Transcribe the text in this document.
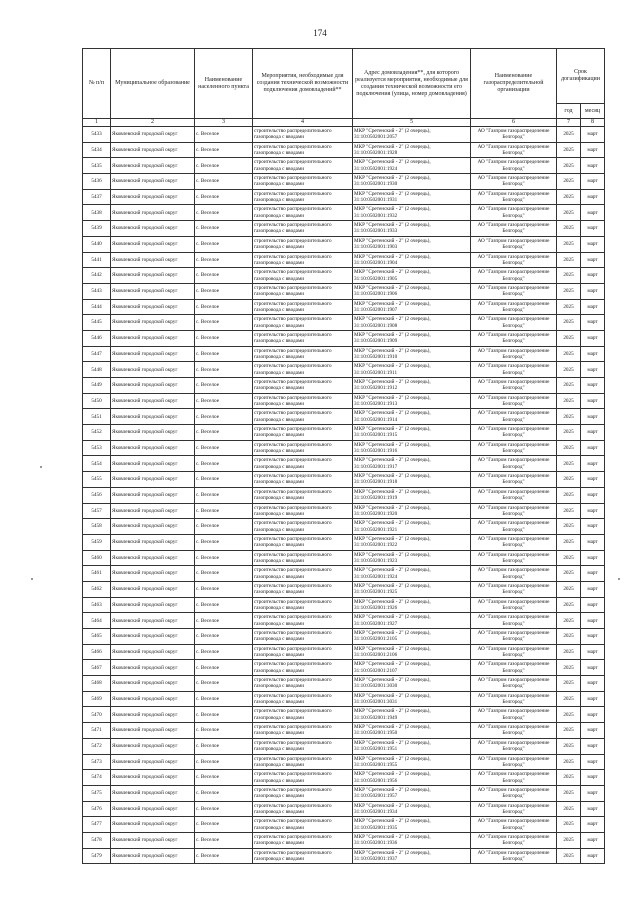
174
№ п/п	Муниципальное образование	Наименование населенного пункта	Мероприятия, необходимые для создания технической возможности подключения домовладений**	Адрес домовладения**, для которого реализуется мероприятия, необходимые для создания технической возможности его подключения (улица, номер домовладения)	Наименование газораспределительной организации	Срок догазификации	
						год	месяц
1	2	3	4	5	6	7	8
5433	Яковлевский городской округ	с. Веселое	строительство распределительного газопровода с вводами	МКР "Сретенский - 2" (2 очередь),
31:10:0502001:2057	АО "Газпром газораспределение Белгород"	2025	март
5434	Яковлевский городской округ	с. Веселое	строительство распределительного газопровода с вводами	МКР "Сретенский - 2" (2 очередь),
31:10:0502001:1928	АО "Газпром газораспределение Белгород"	2025	март
5435	Яковлевский городской округ	с. Веселое	строительство распределительного газопровода с вводами	МКР "Сретенский - 2" (2 очередь),
31:10:0502001:1924	АО "Газпром газораспределение Белгород"	2025	март
5436	Яковлевский городской округ	с. Веселое	строительство распределительного газопровода с вводами	МКР "Сретенский - 2" (2 очередь),
31:10:0502001:1930	АО "Газпром газораспределение Белгород"	2025	март
5437	Яковлевский городской округ	с. Веселое	строительство распределительного газопровода с вводами	МКР "Сретенский - 2" (2 очередь),
31:10:0502001:1931	АО "Газпром газораспределение Белгород"	2025	март
5438	Яковлевский городской округ	с. Веселое	строительство распределительного газопровода с вводами	МКР "Сретенский - 2" (2 очередь),
31:10:0502001:1932	АО "Газпром газораспределение Белгород"	2025	март
5439	Яковлевский городской округ	с. Веселое	строительство распределительного газопровода с вводами	МКР "Сретенский - 2" (2 очередь),
31:10:0502001:1933	АО "Газпром газораспределение Белгород"	2025	март
5440	Яковлевский городской округ	с. Веселое	строительство распределительного газопровода с вводами	МКР "Сретенский - 2" (2 очередь),
31:10:0502001:1903	АО "Газпром газораспределение Белгород"	2025	март
5441	Яковлевский городской округ	с. Веселое	строительство распределительного газопровода с вводами	МКР "Сретенский - 2" (2 очередь),
31:10:0502001:1904	АО "Газпром газораспределение Белгород"	2025	март
5442	Яковлевский городской округ	с. Веселое	строительство распределительного газопровода с вводами	МКР "Сретенский - 2" (2 очередь),
31:10:0502001:1905	АО "Газпром газораспределение Белгород"	2025	март
5443	Яковлевский городской округ	с. Веселое	строительство распределительного газопровода с вводами	МКР "Сретенский - 2" (2 очередь),
31:10:0502001:1906	АО "Газпром газораспределение Белгород"	2025	март
5444	Яковлевский городской округ	с. Веселое	строительство распределительного газопровода с вводами	МКР "Сретенский - 2" (2 очередь),
31:10:0502001:1907	АО "Газпром газораспределение Белгород"	2025	март
5445	Яковлевский городской округ	с. Веселое	строительство распределительного газопровода с вводами	МКР "Сретенский - 2" (2 очередь),
31:10:0502001:1908	АО "Газпром газораспределение Белгород"	2025	март
5446	Яковлевский городской округ	с. Веселое	строительство распределительного газопровода с вводами	МКР "Сретенский - 2" (2 очередь),
31:10:0502001:1909	АО "Газпром газораспределение Белгород"	2025	март
5447	Яковлевский городской округ	с. Веселое	строительство распределительного газопровода с вводами	МКР "Сретенский - 2" (2 очередь),
31:10:0502001:1910	АО "Газпром газораспределение Белгород"	2025	март
5448	Яковлевский городской округ	с. Веселое	строительство распределительного газопровода с вводами	МКР "Сретенский - 2" (2 очередь),
31:10:0502001:1911	АО "Газпром газораспределение Белгород"	2025	март
5449	Яковлевский городской округ	с. Веселое	строительство распределительного газопровода с вводами	МКР "Сретенский - 2" (2 очередь),
31:10:0502001:1912	АО "Газпром газораспределение Белгород"	2025	март
5450	Яковлевский городской округ	с. Веселое	строительство распределительного газопровода с вводами	МКР "Сретенский - 2" (2 очередь),
31:10:0502001:1913	АО "Газпром газораспределение Белгород"	2025	март
5451	Яковлевский городской округ	с. Веселое	строительство распределительного газопровода с вводами	МКР "Сретенский - 2" (2 очередь),
31:10:0502001:1914	АО "Газпром газораспределение Белгород"	2025	март
5452	Яковлевский городской округ	с. Веселое	строительство распределительного газопровода с вводами	МКР "Сретенский - 2" (2 очередь),
31:10:0502001:1915	АО "Газпром газораспределение Белгород"	2025	март
5453	Яковлевский городской округ	с. Веселое	строительство распределительного газопровода с вводами	МКР "Сретенский - 2" (2 очередь),
31:10:0502001:1916	АО "Газпром газораспределение Белгород"	2025	март
5454	Яковлевский городской округ	с. Веселое	строительство распределительного газопровода с вводами	МКР "Сретенский - 2" (2 очередь),
31:10:0502001:1917	АО "Газпром газораспределение Белгород"	2025	март
5455	Яковлевский городской округ	с. Веселое	строительство распределительного газопровода с вводами	МКР "Сретенский - 2" (2 очередь),
31:10:0502001:1918	АО "Газпром газораспределение Белгород"	2025	март
5456	Яковлевский городской округ	с. Веселое	строительство распределительного газопровода с вводами	МКР "Сретенский - 2" (2 очередь),
31:10:0502001:1919	АО "Газпром газораспределение Белгород"	2025	март
5457	Яковлевский городской округ	с. Веселое	строительство распределительного газопровода с вводами	МКР "Сретенский - 2" (2 очередь),
31:10:0502001:1920	АО "Газпром газораспределение Белгород"	2025	март
5458	Яковлевский городской округ	с. Веселое	строительство распределительного газопровода с вводами	МКР "Сретенский - 2" (2 очередь),
31:10:0502001:1921	АО "Газпром газораспределение Белгород"	2025	март
5459	Яковлевский городской округ	с. Веселое	строительство распределительного газопровода с вводами	МКР "Сретенский - 2" (2 очередь),
31:10:0502001:1922	АО "Газпром газораспределение Белгород"	2025	март
5460	Яковлевский городской округ	с. Веселое	строительство распределительного газопровода с вводами	МКР "Сретенский - 2" (2 очередь),
31:10:0502001:1923	АО "Газпром газораспределение Белгород"	2025	март
5461	Яковлевский городской округ	с. Веселое	строительство распределительного газопровода с вводами	МКР "Сретенский - 2" (2 очередь),
31:10:0502001:1924	АО "Газпром газораспределение Белгород"	2025	март
5462	Яковлевский городской округ	с. Веселое	строительство распределительного газопровода с вводами	МКР "Сретенский - 2" (2 очередь),
31:10:0502001:1925	АО "Газпром газораспределение Белгород"	2025	март
5463	Яковлевский городской округ	с. Веселое	строительство распределительного газопровода с вводами	МКР "Сретенский - 2" (2 очередь),
31:10:0502001:1926	АО "Газпром газораспределение Белгород"	2025	март
5464	Яковлевский городской округ	с. Веселое	строительство распределительного газопровода с вводами	МКР "Сретенский - 2" (2 очередь),
31:10:0502001:1927	АО "Газпром газораспределение Белгород"	2025	март
5465	Яковлевский городской округ	с. Веселое	строительство распределительного газопровода с вводами	МКР "Сретенский - 2" (2 очередь),
31:10:0502001:2105	АО "Газпром газораспределение Белгород"	2025	март
5466	Яковлевский городской округ	с. Веселое	строительство распределительного газопровода с вводами	МКР "Сретенский - 2" (2 очередь),
31:10:0502001:2106	АО "Газпром газораспределение Белгород"	2025	март
5467	Яковлевский городской округ	с. Веселое	строительство распределительного газопровода с вводами	МКР "Сретенский - 2" (2 очередь),
31:10:0502001:2107	АО "Газпром газораспределение Белгород"	2025	март
5468	Яковлевский городской округ	с. Веселое	строительство распределительного газопровода с вводами	МКР "Сретенский - 2" (2 очередь),
31:10:0502001:3030	АО "Газпром газораспределение Белгород"	2025	март
5469	Яковлевский городской округ	с. Веселое	строительство распределительного газопровода с вводами	МКР "Сретенский - 2" (2 очередь),
31:10:0502001:3031	АО "Газпром газораспределение Белгород"	2025	март
5470	Яковлевский городской округ	с. Веселое	строительство распределительного газопровода с вводами	МКР "Сретенский - 2" (2 очередь),
31:10:0502001:1949	АО "Газпром газораспределение Белгород"	2025	март
5471	Яковлевский городской округ	с. Веселое	строительство распределительного газопровода с вводами	МКР "Сретенский - 2" (2 очередь),
31:10:0502001:1950	АО "Газпром газораспределение Белгород"	2025	март
5472	Яковлевский городской округ	с. Веселое	строительство распределительного газопровода с вводами	МКР "Сретенский - 2" (2 очередь),
31:10:0502001:1951	АО "Газпром газораспределение Белгород"	2025	март
5473	Яковлевский городской округ	с. Веселое	строительство распределительного газопровода с вводами	МКР "Сретенский - 2" (2 очередь),
31:10:0502001:1955	АО "Газпром газораспределение Белгород"	2025	март
5474	Яковлевский городской округ	с. Веселое	строительство распределительного газопровода с вводами	МКР "Сретенский - 2" (2 очередь),
31:10:0502001:1956	АО "Газпром газораспределение Белгород"	2025	март
5475	Яковлевский городской округ	с. Веселое	строительство распределительного газопровода с вводами	МКР "Сретенский - 2" (2 очередь),
31:10:0502001:1957	АО "Газпром газораспределение Белгород"	2025	март
5476	Яковлевский городской округ	с. Веселое	строительство распределительного газопровода с вводами	МКР "Сретенский - 2" (2 очередь),
31:10:0502001:1934	АО "Газпром газораспределение Белгород"	2025	март
5477	Яковлевский городской округ	с. Веселое	строительство распределительного газопровода с вводами	МКР "Сретенский - 2" (2 очередь),
31:10:0502001:1935	АО "Газпром газораспределение Белгород"	2025	март
5478	Яковлевский городской округ	с. Веселое	строительство распределительного газопровода с вводами	МКР "Сретенский - 2" (2 очередь),
31:10:0502001:1936	АО "Газпром газораспределение Белгород"	2025	март
5479	Яковлевский городской округ	с. Веселое	строительство распределительного газопровода с вводами	МКР "Сретенский - 2" (2 очередь),
31:10:0502001:1937	АО "Газпром газораспределение Белгород"	2025	март
